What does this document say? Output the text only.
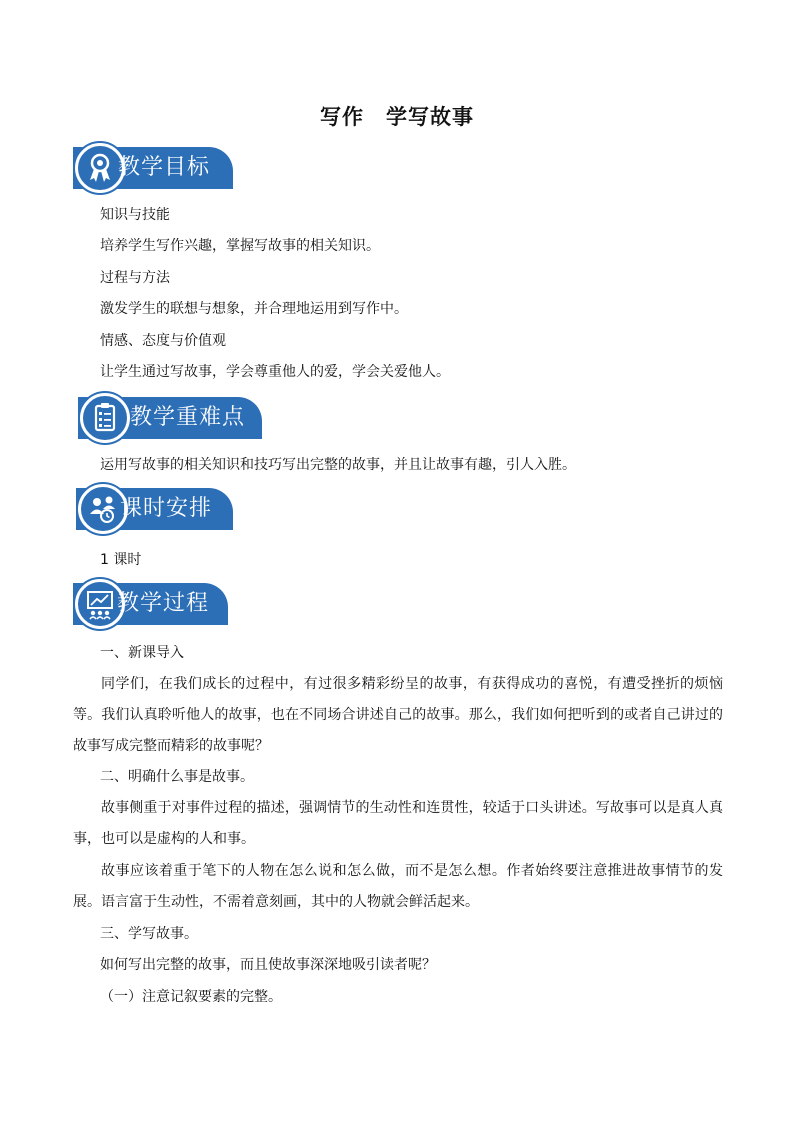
写作　学写故事
教学目标
知识与技能
培养学生写作兴趣，掌握写故事的相关知识。
过程与方法
激发学生的联想与想象，并合理地运用到写作中。
情感、态度与价值观
让学生通过写故事，学会尊重他人的爱，学会关爱他人。
教学重难点
运用写故事的相关知识和技巧写出完整的故事，并且让故事有趣，引人入胜。
课时安排
1 课时
教学过程
一、新课导入
同学们，在我们成长的过程中，有过很多精彩纷呈的故事，有获得成功的喜悦，有遭受挫折的烦恼等。我们认真聆听他人的故事，也在不同场合讲述自己的故事。那么，我们如何把听到的或者自己讲过的故事写成完整而精彩的故事呢？
二、明确什么事是故事。
故事侧重于对事件过程的描述，强调情节的生动性和连贯性，较适于口头讲述。写故事可以是真人真事，也可以是虚构的人和事。
故事应该着重于笔下的人物在怎么说和怎么做，而不是怎么想。作者始终要注意推进故事情节的发展。语言富于生动性，不需着意刻画，其中的人物就会鲜活起来。
三、学写故事。
如何写出完整的故事，而且使故事深深地吸引读者呢？
（一）注意记叙要素的完整。
